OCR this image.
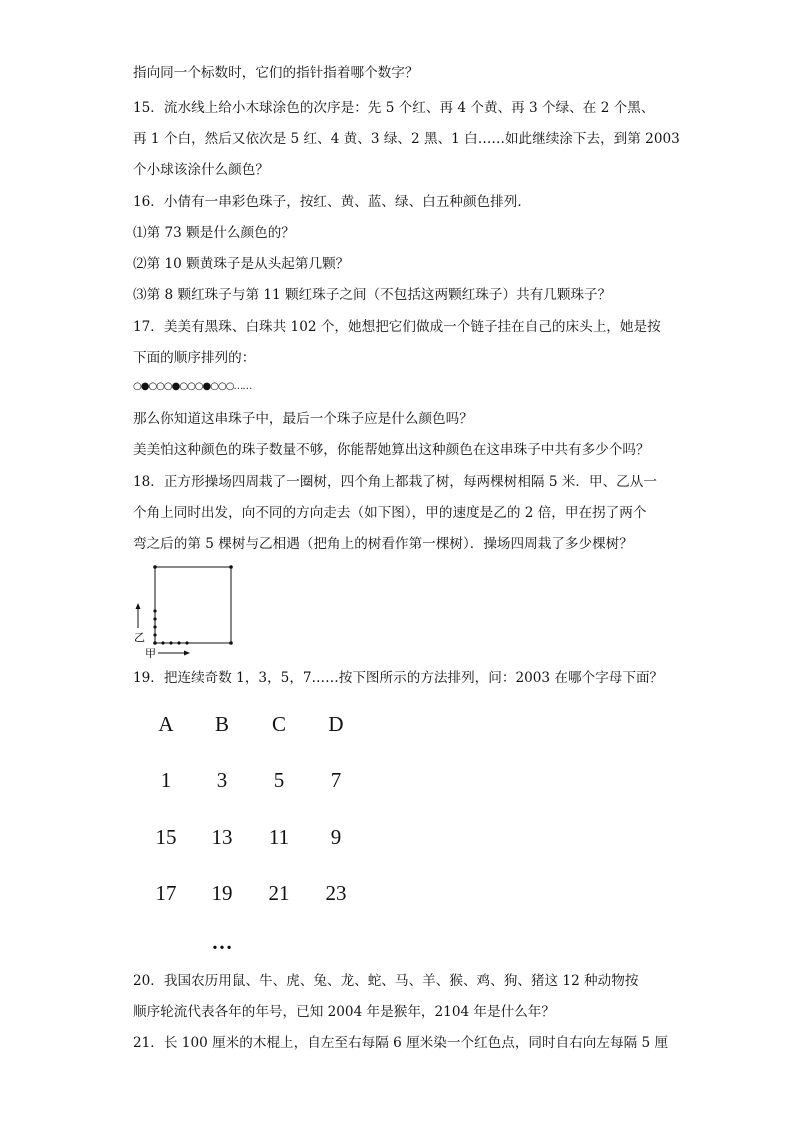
指向同一个标数时，它们的指针指着哪个数字？
15．流水线上给小木球涂色的次序是：先 5 个红、再 4 个黄、再 3 个绿、在 2 个黑、
再 1 个白，然后又依次是 5 红、4 黄、3 绿、2 黑、1 白……如此继续涂下去，到第 2003
个小球该涂什么颜色？
16．小倩有一串彩色珠子，按红、黄、蓝、绿、白五种颜色排列．
⑴第 73 颗是什么颜色的？
⑵第 10 颗黄珠子是从头起第几颗？
⑶第 8 颗红珠子与第 11 颗红珠子之间（不包括这两颗红珠子）共有几颗珠子？
17．美美有黑珠、白珠共 102 个，她想把它们做成一个链子挂在自己的床头上，她是按
下面的顺序排列的：
○●○○○●○○○●○○○……
那么你知道这串珠子中，最后一个珠子应是什么颜色吗？
美美怕这种颜色的珠子数量不够，你能帮她算出这种颜色在这串珠子中共有多少个吗？
18．正方形操场四周栽了一圈树，四个角上都栽了树，每两棵树相隔 5 米．甲、乙从一
个角上同时出发，向不同的方向走去（如下图），甲的速度是乙的 2 倍，甲在拐了两个
弯之后的第 5 棵树与乙相遇（把角上的树看作第一棵树）．操场四周栽了多少棵树？
乙
甲
19．把连续奇数 1，3，5，7……按下图所示的方法排列，问：2003 在哪个字母下面？
A	B	C	D
1	3	5	7
15	13	11	9
17	19	21	23
…
20．我国农历用鼠、牛、虎、兔、龙、蛇、马、羊、猴、鸡、狗、猪这 12 种动物按
顺序轮流代表各年的年号，已知 2004 年是猴年，2104 年是什么年？
21．长 100 厘米的木棍上，自左至右每隔 6 厘米染一个红色点，同时自右向左每隔 5 厘
